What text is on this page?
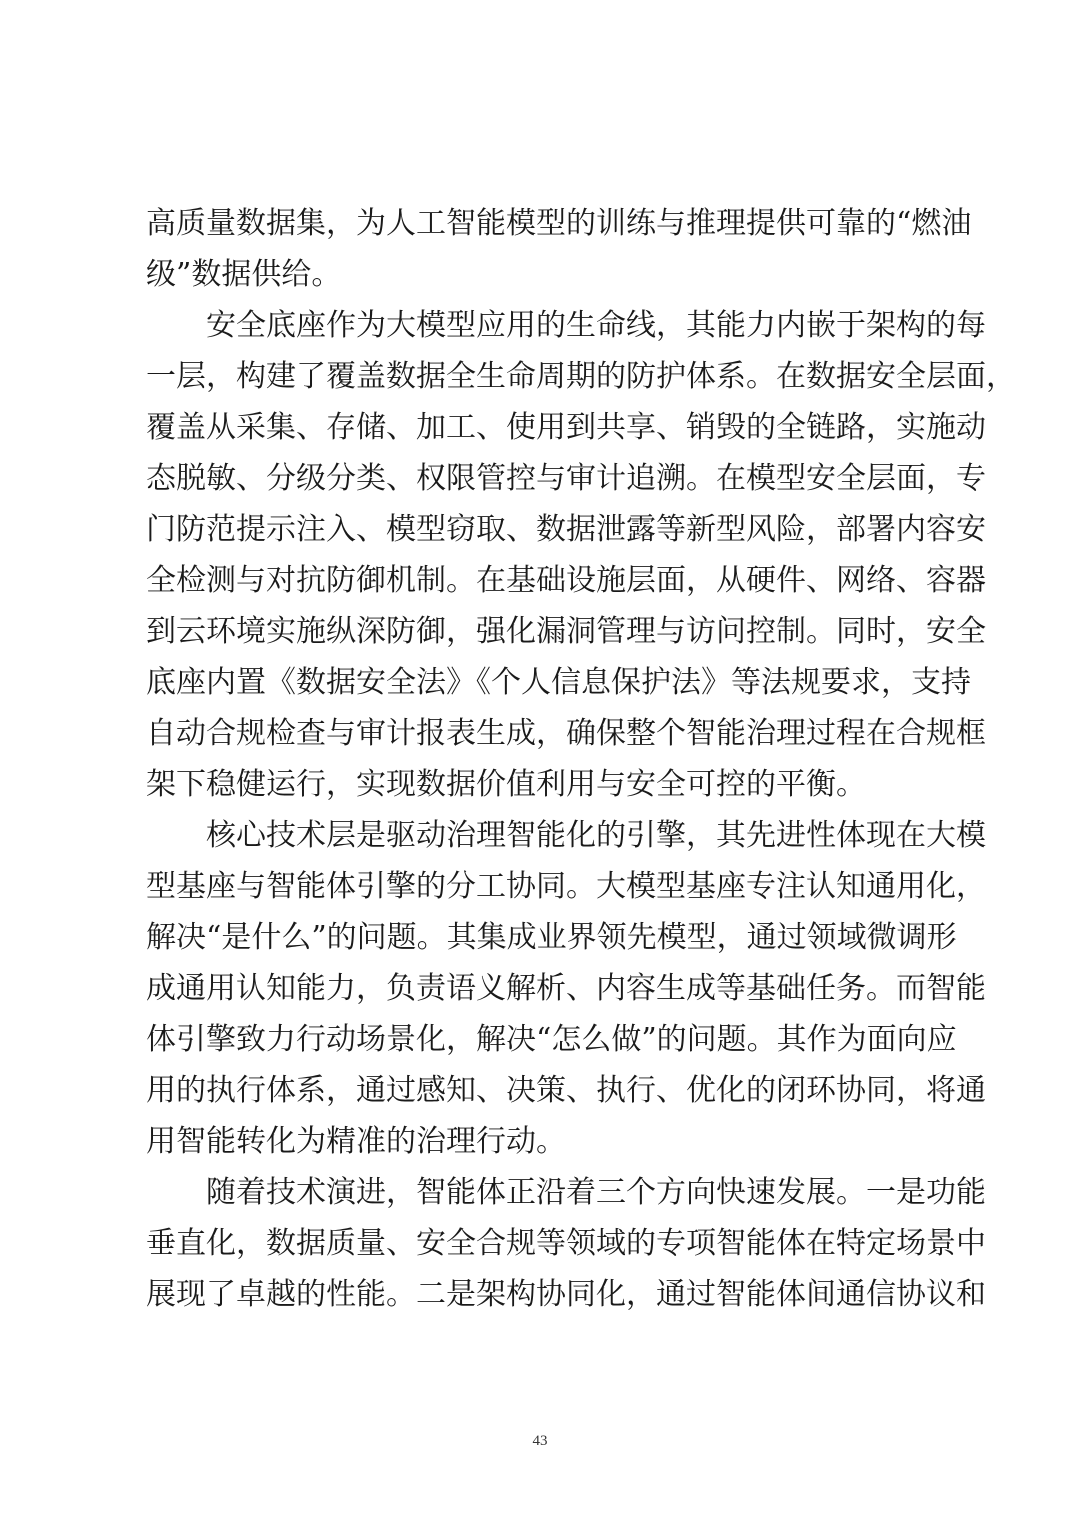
高质量数据集，为人工智能模型的训练与推理提供可靠的“燃油
级”数据供给。
　　安全底座作为大模型应用的生命线，其能力内嵌于架构的每
一层，构建了覆盖数据全生命周期的防护体系。在数据安全层面，
覆盖从采集、存储、加工、使用到共享、销毁的全链路，实施动
态脱敏、分级分类、权限管控与审计追溯。在模型安全层面，专
门防范提示注入、模型窃取、数据泄露等新型风险，部署内容安
全检测与对抗防御机制。在基础设施层面，从硬件、网络、容器
到云环境实施纵深防御，强化漏洞管理与访问控制。同时，安全
底座内置《数据安全法》《个人信息保护法》等法规要求，支持
自动合规检查与审计报表生成，确保整个智能治理过程在合规框
架下稳健运行，实现数据价值利用与安全可控的平衡。
　　核心技术层是驱动治理智能化的引擎，其先进性体现在大模
型基座与智能体引擎的分工协同。大模型基座专注认知通用化，
解决“是什么”的问题。其集成业界领先模型，通过领域微调形
成通用认知能力，负责语义解析、内容生成等基础任务。而智能
体引擎致力行动场景化，解决“怎么做”的问题。其作为面向应
用的执行体系，通过感知、决策、执行、优化的闭环协同，将通
用智能转化为精准的治理行动。
　　随着技术演进，智能体正沿着三个方向快速发展。一是功能
垂直化，数据质量、安全合规等领域的专项智能体在特定场景中
展现了卓越的性能。二是架构协同化，通过智能体间通信协议和
43
